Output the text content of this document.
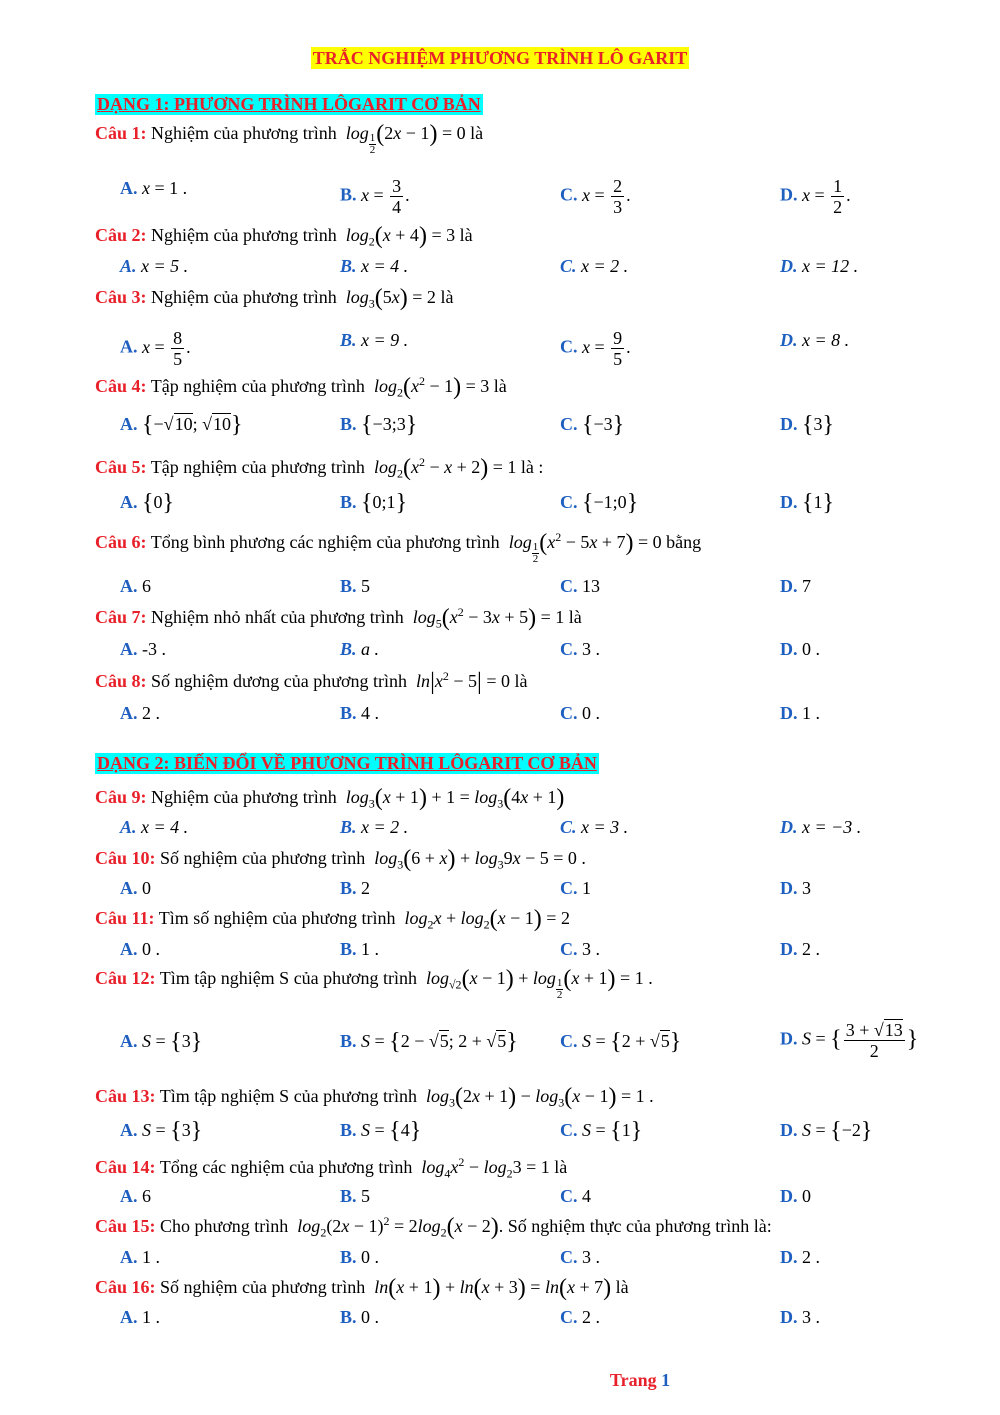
TRẮC NGHIỆM PHƯƠNG TRÌNH LÔ GARIT
DẠNG 1: PHƯƠNG TRÌNH LÔGARIT CƠ BẢN
Câu 1: Nghiệm của phương trình  $\log \frac{1}{2} (2x - 1) = 0$ là
A. x = 1 .	B. $x = \frac{3}{4}$ .	C. $x = \frac{2}{3}$ .	D. $x = \frac{1}{2}$ .
Câu 2: Nghiệm của phương trình  $\log_2(x + 4) = 3$ là
A. x = 5 .	B. x = 4 .	C. x = 2 .	D. x = 12 .
Câu 3: Nghiệm của phương trình  $\log_3(5x) = 2$ là
A. $x = \frac{8}{5}$ .	B. x = 9 .	C. $x = \frac{9}{5}$ .	D. x = 8 .
Câu 4: Tập nghiệm của phương trình  $\log_2(x^2 - 1) = 3$ là
A. {−√10; √10}	B. {−3;3}	C. {−3}	D. {3}
Câu 5: Tập nghiệm của phương trình  $\log_2(x^2 - x + 2) = 1$ là :
A. {0}	B. {0;1}	C. {−1;0}	D. {1}
Câu 6: Tổng bình phương các nghiệm của phương trình  $\log \frac{1}{2} (x^2 - 5x + 7) = 0$ bằng
A. 6	B. 5	C. 13	D. 7
Câu 7: Nghiệm nhỏ nhất của phương trình  $\log_5(x^2 - 3x + 5) = 1$ là
A. -3 .	B. a .	C. 3 .	D. 0 .
Câu 8: Số nghiệm dương của phương trình  $\ln|x^2 - 5| = 0$ là
A. 2 .	B. 4 .	C. 0 .	D. 1 .
DẠNG 2: BIẾN ĐỔI VỀ PHƯƠNG TRÌNH LÔGARIT CƠ BẢN
Câu 9: Nghiệm của phương trình  $\log_3(x + 1) + 1 = \log_3(4x + 1)$
A. x = 4 .	B. x = 2 .	C. x = 3 .	D. x = −3 .
Câu 10: Số nghiệm của phương trình  $\log_3(6 + x) + \log_39x - 5 = 0$ .
A. 0	B. 2	C. 1	D. 3
Câu 11: Tìm số nghiệm của phương trình  $\log_2x + \log_2(x - 1) = 2$
A. 0 .	B. 1 .	C. 3 .	D. 2 .
Câu 12: Tìm tập nghiệm S của phương trình  $\log_{√2}(x - 1) + \log \frac{1}{2} (x + 1) = 1$ .
A. S = {3}	B. S = {2 − √5; 2 + √5} C. S = {2 + √5}	D. S = { $\frac{3 + √13}{2}$ }
Câu 13: Tìm tập nghiệm S của phương trình  $\log_3(2x + 1) - \log_3(x - 1) = 1$ .
A. S = {3}	B. S = {4}	C. S = {1}	D. S = {−2}
Câu 14: Tổng các nghiệm của phương trình  $\log_4x^2 - \log_23 = 1$ là
A. 6	B. 5	C. 4	D. 0
Câu 15: Cho phương trình  $\log_2(2x - 1)^2 = 2\log_2(x - 2)$. Số nghiệm thực của phương trình là:
A. 1 .	B. 0 .	C. 3 .	D. 2 .
Câu 16: Số nghiệm của phương trình  ln(x + 1) + ln(x + 3) = ln(x + 7) là
A. 1 .	B. 0 .	C. 2 .	D. 3 .
Trang 1
